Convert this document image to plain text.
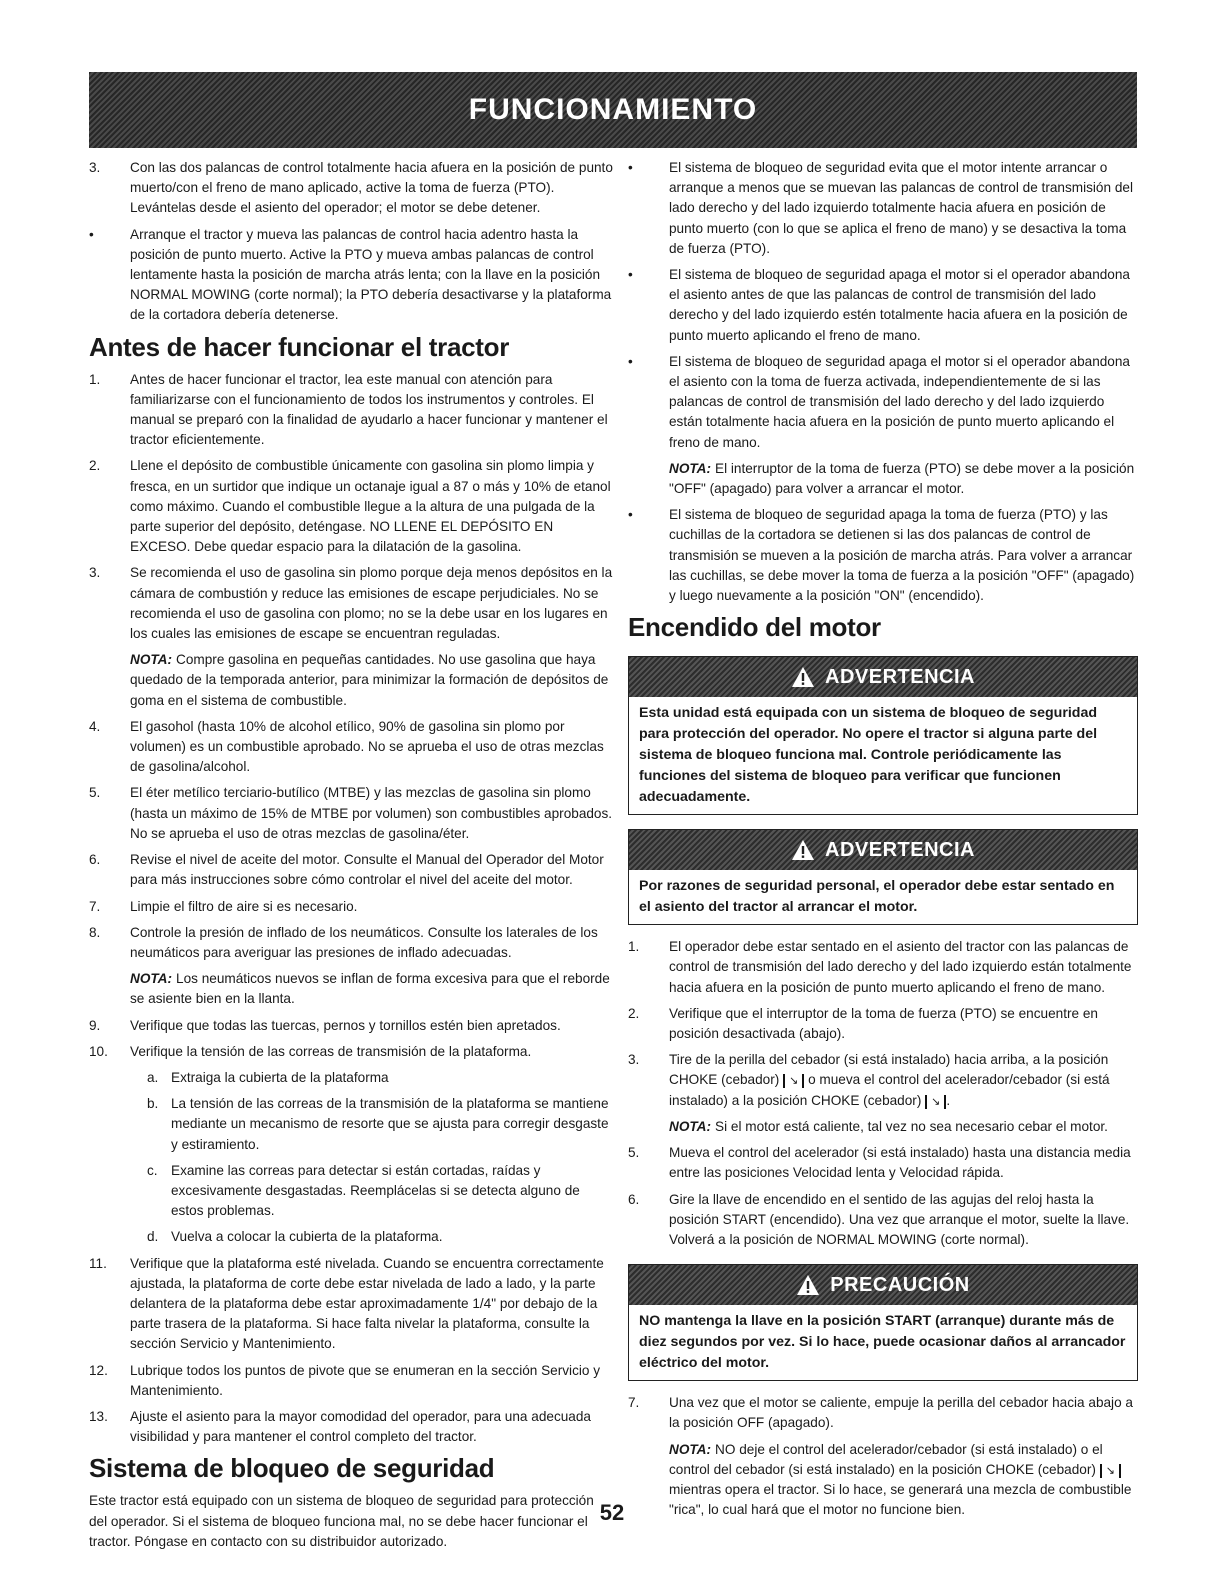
FUNCIONAMIENTO
3.	Con las dos palancas de control totalmente hacia afuera en la posición de punto muerto/con el freno de mano aplicado, active la toma de fuerza (PTO). Levántelas desde el asiento del operador; el motor se debe detener.
•	Arranque el tractor y mueva las palancas de control hacia adentro hasta la posición de punto muerto. Active la PTO y mueva ambas palancas de control lentamente hasta la posición de marcha atrás lenta; con la llave en la posición NORMAL MOWING (corte normal); la PTO debería desactivarse y la plataforma de la cortadora debería detenerse.
Antes de hacer funcionar el tractor
1.	Antes de hacer funcionar el tractor, lea este manual con atención para familiarizarse con el funcionamiento de todos los instrumentos y controles. El manual se preparó con la finalidad de ayudarlo a hacer funcionar y mantener el tractor eficientemente.
2.	Llene el depósito de combustible únicamente con gasolina sin plomo limpia y fresca, en un surtidor que indique un octanaje igual a 87 o más y 10% de etanol como máximo. Cuando el combustible llegue a la altura de una pulgada de la parte superior del depósito, deténgase. NO LLENE EL DEPÓSITO EN EXCESO. Debe quedar espacio para la dilatación de la gasolina.
3.	Se recomienda el uso de gasolina sin plomo porque deja menos depósitos en la cámara de combustión y reduce las emisiones de escape perjudiciales. No se recomienda el uso de gasolina con plomo; no se la debe usar en los lugares en los cuales las emisiones de escape se encuentran reguladas.
NOTA: Compre gasolina en pequeñas cantidades. No use gasolina que haya quedado de la temporada anterior, para minimizar la formación de depósitos de goma en el sistema de combustible.
4.	El gasohol (hasta 10% de alcohol etílico, 90% de gasolina sin plomo por volumen) es un combustible aprobado. No se aprueba el uso de otras mezclas de gasolina/alcohol.
5.	El éter metílico terciario-butílico (MTBE) y las mezclas de gasolina sin plomo (hasta un máximo de 15% de MTBE por volumen) son combustibles aprobados. No se aprueba el uso de otras mezclas de gasolina/éter.
6.	Revise el nivel de aceite del motor. Consulte el Manual del Operador del Motor para más instrucciones sobre cómo controlar el nivel del aceite del motor.
7.	Limpie el filtro de aire si es necesario.
8.	Controle la presión de inflado de los neumáticos. Consulte los laterales de los neumáticos para averiguar las presiones de inflado adecuadas.
NOTA: Los neumáticos nuevos se inflan de forma excesiva para que el reborde se asiente bien en la llanta.
9.	Verifique que todas las tuercas, pernos y tornillos estén bien apretados.
10.	Verifique la tensión de las correas de transmisión de la plataforma.
a. Extraiga la cubierta de la plataforma
b. La tensión de las correas de la transmisión de la plataforma se mantiene mediante un mecanismo de resorte que se ajusta para corregir desgaste y estiramiento.
c. Examine las correas para detectar si están cortadas, raídas y excesivamente desgastadas. Reemplácelas si se detecta alguno de estos problemas.
d. Vuelva a colocar la cubierta de la plataforma.
11.	Verifique que la plataforma esté nivelada. Cuando se encuentra correctamente ajustada, la plataforma de corte debe estar nivelada de lado a lado, y la parte delantera de la plataforma debe estar aproximadamente 1/4" por debajo de la parte trasera de la plataforma. Si hace falta nivelar la plataforma, consulte la sección Servicio y Mantenimiento.
12.	Lubrique todos los puntos de pivote que se enumeran en la sección Servicio y Mantenimiento.
13.	Ajuste el asiento para la mayor comodidad del operador, para una adecuada visibilidad y para mantener el control completo del tractor.
Sistema de bloqueo de seguridad

Este tractor está equipado con un sistema de bloqueo de seguridad para protección del operador. Si el sistema de bloqueo funciona mal, no se debe hacer funcionar el tractor. Póngase en contacto con su distribuidor autorizado.

•	El sistema de bloqueo de seguridad evita que el motor intente arrancar o arranque a menos que se muevan las palancas de control de transmisión del lado derecho y del lado izquierdo totalmente hacia afuera en posición de punto muerto (con lo que se aplica el freno de mano) y se desactiva la toma de fuerza (PTO).
•	El sistema de bloqueo de seguridad apaga el motor si el operador abandona el asiento antes de que las palancas de control de transmisión del lado derecho y del lado izquierdo estén totalmente hacia afuera en la posición de punto muerto aplicando el freno de mano.
•	El sistema de bloqueo de seguridad apaga el motor si el operador abandona el asiento con la toma de fuerza activada, independientemente de si las palancas de control de transmisión del lado derecho y del lado izquierdo están totalmente hacia afuera en la posición de punto muerto aplicando el freno de mano.
NOTA: El interruptor de la toma de fuerza (PTO) se debe mover a la posición "OFF" (apagado) para volver a arrancar el motor.
•	El sistema de bloqueo de seguridad apaga la toma de fuerza (PTO) y las cuchillas de la cortadora se detienen si las dos palancas de control de transmisión se mueven a la posición de marcha atrás. Para volver a arrancar las cuchillas, se debe mover la toma de fuerza a la posición "OFF" (apagado) y luego nuevamente a la posición "ON" (encendido).
Encendido del motor
ADVERTENCIA
Esta unidad está equipada con un sistema de bloqueo de seguridad para protección del operador. No opere el tractor si alguna parte del sistema de bloqueo funciona mal. Controle periódicamente las funciones del sistema de bloqueo para verificar que funcionen adecuadamente.
ADVERTENCIA
Por razones de seguridad personal, el operador debe estar sentado en el asiento del tractor al arrancar el motor.
1.	El operador debe estar sentado en el asiento del tractor con las palancas de control de transmisión del lado derecho y del lado izquierdo están totalmente hacia afuera en la posición de punto muerto aplicando el freno de mano.
2.	Verifique que el interruptor de la toma de fuerza (PTO) se encuentre en posición desactivada (abajo).
3.	Tire de la perilla del cebador (si está instalado) hacia arriba, a la posición CHOKE (cebador) ↘ o mueva el control del acelerador/cebador (si está instalado) a la posición CHOKE (cebador) ↘ .
NOTA: Si el motor está caliente, tal vez no sea necesario cebar el motor.
5.	Mueva el control del acelerador (si está instalado) hasta una distancia media entre las posiciones Velocidad lenta y Velocidad rápida.
6.	Gire la llave de encendido en el sentido de las agujas del reloj hasta la posición START (encendido). Una vez que arranque el motor, suelte la llave. Volverá a la posición de NORMAL MOWING (corte normal).
PRECAUCIÓN
NO mantenga la llave en la posición START (arranque) durante más de diez segundos por vez. Si lo hace, puede ocasionar daños al arrancador eléctrico del motor.
7.	Una vez que el motor se caliente, empuje la perilla del cebador hacia abajo a la posición OFF (apagado).
NOTA: NO deje el control del acelerador/cebador (si está instalado) o el control del cebador (si está instalado) en la posición CHOKE (cebador) ↘ mientras opera el tractor. Si lo hace, se generará una mezcla de combustible "rica", lo cual hará que el motor no funcione bien.
52
